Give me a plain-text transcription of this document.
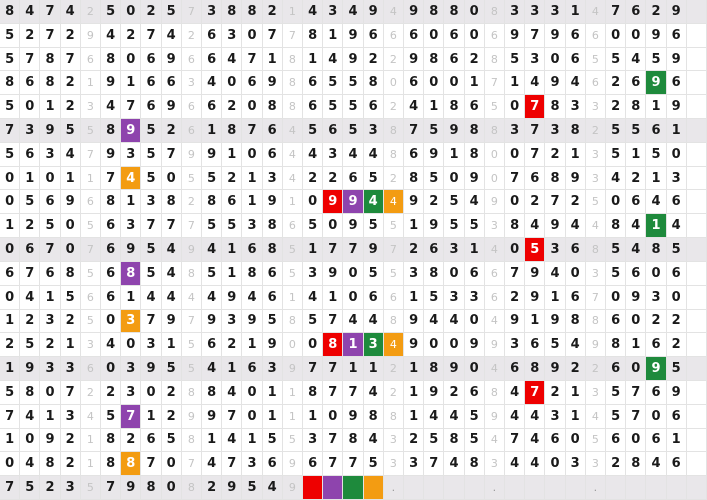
8 4 7 4	2 5 0 2 5	7 3 8 8 2	1 4 3 4 9	4 9 8 8 0	8 3 3 3 1	4 7 6 2 9
5 2 7 2	9 4 2 7 4	2 6 3 0 7	7 8 1 9 6	6 6 0 6 0	6 9 7 9 6	6 0 0 9 6
5 7 8 7	6 8 0 6 9	6 6 4 7 1	8 1 4 9 2	2 9 8 6 2	8 5 3 0 6	5 5 4 5 9
8 6 8 2	1 9 1 6 6	3 4 0 6 9	8 6 5 5 8	0 6 0 0 1	7 1 4 9 4	6 2 6 9 6
5 0 1 2	3 4 7 6 9	6 6 2 0 8	8 6 5 5 6	2 4 1 8 6	5 0 7 8 3	3 2 8 1 9
7 3 9 5	5 8 9 5 2	6 1 8 7 6	4 5 6 5 3	8 7 5 9 8	8 3 7 3 8	2 5 5 6 1
5 6 3 4	7 9 3 5 7	9 9 1 0 6	4 4 3 4 4	8 6 9 1 8	0 0 7 2 1	3 5 1 5 0
0 1 0 1	1 7 4 5 0	5 5 2 1 3	4 2 2 6 5	2 8 5 0 9	0 7 6 8 9	3 4 2 1 3
0 5 6 9	6 8 1 3 8	2 8 6 1 9	1 0 9 9 4	4 9 2 5 4	9 0 2 7 2	5 0 6 4 6
1 2 5 0	5 6 3 7 7	7 5 5 3 8	6 5 0 9 5	5 1 9 5 5	3 8 4 9 4	4 8 4 1 4
0 6 7 0	7 6 9 5 4	9 4 1 6 8	5 1 7 7 9	7 2 6 3 1	4 0 5 3 6	8 5 4 8 5
6 7 6 8	5 6 8 5 4	8 5 1 8 6	5 3 9 0 5	5 3 8 0 6	6 7 9 4 0	3 5 6 0 6
0 4 1 5	6 6 1 4 4	4 4 9 4 6	1 4 1 0 6	6 1 5 3 3	6 2 9 1 6	7 0 9 3 0
1 2 3 2	5 0 3 7 9	7 9 3 9 5	8 5 7 4 4	8 9 4 4 0	4 9 1 9 8	8 6 0 2 2
2 5 2 1	3 4 0 3 1	5 6 2 1 9	0 0 8 1 3	4 9 0 0 9	9 3 6 5 4	9 8 1 6 2
1 9 3 3	6 0 3 9 5	5 4 1 6 3	9 7 7 1 1	2 1 8 9 0	4 6 8 9 2	2 6 0 9 5
5 8 0 7	2 2 3 0 2	8 8 4 0 1	1 8 7 7 4	2 1 9 2 6	8 4 7 2 1	3 5 7 6 9
7 4 1 3	4 5 7 1 2	9 9 7 0 1	1 1 0 9 8	8 1 4 4 5	9 4 4 3 1	4 5 7 0 6
1 0 9 2	1 8 2 6 5	8 1 4 1 5	5 3 7 8 4	3 2 5 8 5	4 7 4 6 0	5 6 0 6 1
0 4 8 2	1 8 8 7 0	7 4 7 3 6	9 6 7 7 5	3 3 7 4 8	3 4 4 0 3	3 2 8 4 6
7 5 2 3	5 7 9 8 0	8 2 9 5 4	9	.	.	.
